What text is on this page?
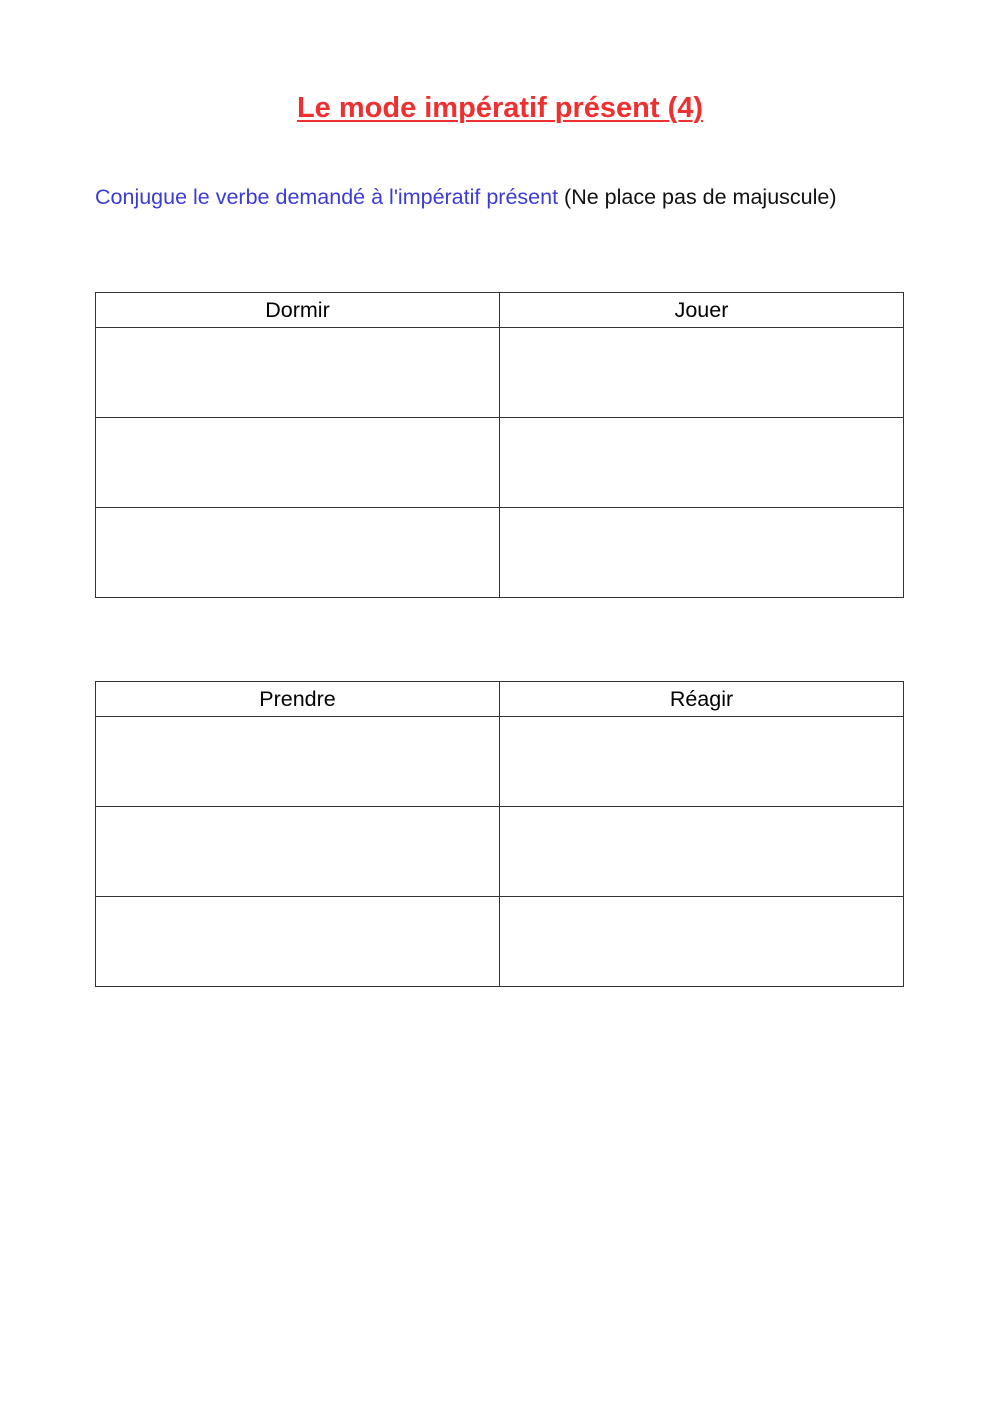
Le mode impératif présent (4)
Conjugue le verbe demandé à l'impératif présent (Ne place pas de majuscule)
Dormir	Jouer

Prendre	Réagir
